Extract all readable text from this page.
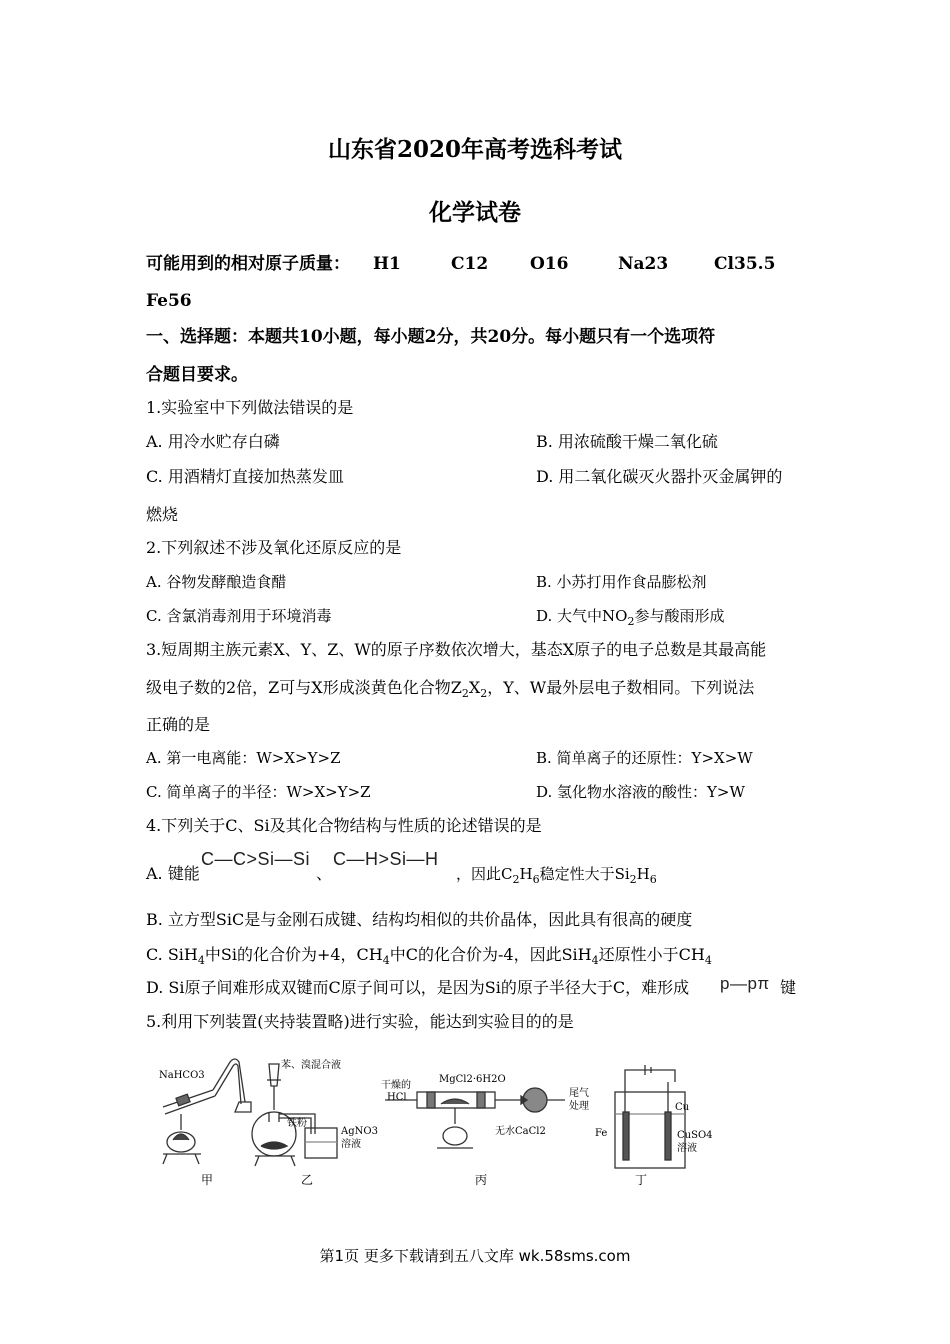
山东省2020年高考选科考试
化学试卷
可能用到的相对原子质量： H1	C12 O16	Na23	Cl35.5
Fe56
一、选择题：本题共10小题，每小题2分，共20分。每小题只有一个选项符
合题目要求。
1.实验室中下列做法错误的是
A. 用冷水贮存白磷	B. 用浓硫酸干燥二氧化硫
C. 用酒精灯直接加热蒸发皿	D. 用二氧化碳灭火器扑灭金属钾的
燃烧
2.下列叙述不涉及氧化还原反应的是
A. 谷物发酵酿造食醋	B. 小苏打用作食品膨松剂
C. 含氯消毒剂用于环境消毒	D. 大气中$NO_2$参与酸雨形成
3.短周期主族元素X、Y、Z、W的原子序数依次增大，基态X原子的电子总数是其最高能
级电子数的2倍，Z可与X形成淡黄色化合物$Z_2X_2$，Y、W最外层电子数相同。下列说法
正确的是
A. 第一电离能：W>X>Y>Z	B. 简单离子的还原性：Y>X>W
C. 简单离子的半径：W>X>Y>Z	D. 氢化物水溶液的酸性：Y>W
4.下列关于C、Si及其化合物结构与性质的论述错误的是
A. 键能
C—C>Si—Si
、
C—H>Si—H
，因此$C_2H_6$稳定性大于$Si_2H_6$
B. 立方型SiC是与金刚石成键、结构均相似的共价晶体，因此具有很高的硬度
C. SiH$_4$中Si的化合价为+4，$CH_4$中C的化合价为-4，因此SiH$_4$还原性小于$CH_4$
D. Si原子间难形成双键而C原子间可以，是因为Si的原子半径大于C，难形成 p—pπ 键
5.利用下列装置(夹持装置略)进行实验，能达到实验目的的是
NaHCO3
苯、溴混合液
铁粉
AgNO3
溶液
干燥的
HCl
MgCl2·6H2O
尾气
处理
无水CaCl2
Cu
Fe	CuSO4
溶液
甲	乙	丙	丁
第1页 更多下载请到五八文库 wk.58sms.com
